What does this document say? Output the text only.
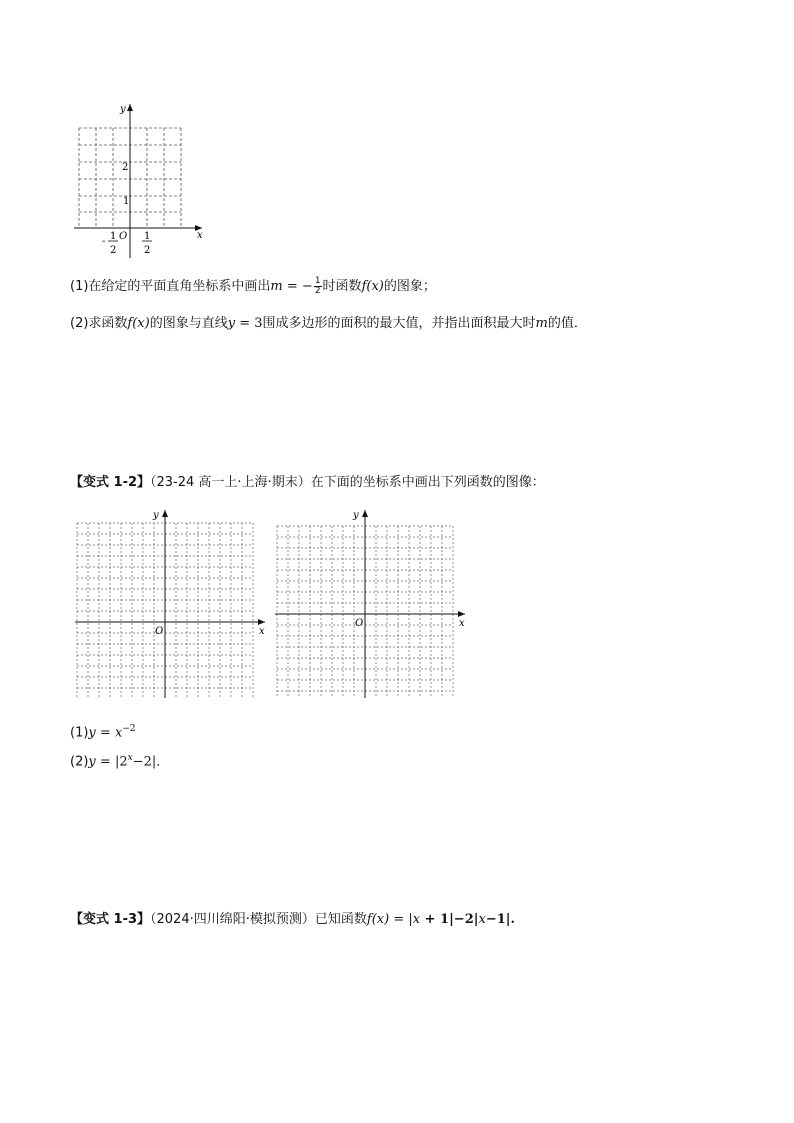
y
x
O
2
1
- 1
2
1
2
(1)在给定的平面直角坐标系中画出m = − $\frac{1}{2}$ 时函数f(x)的图象；
(2)求函数f(x)的图象与直线y = 3围成多边形的面积的最大值，并指出面积最大时m的值．
【变式 1-2】（23-24 高一上·上海·期末）在下面的坐标系中画出下列函数的图像：
y
x
O
y
x
O
$(1)y = x^{-2}$
$(2)y = |2^x-2|$．
【变式 1-3】（2024·四川绵阳·模拟预测）已知函数f(x) = |x + 1|−2|x−1|.
